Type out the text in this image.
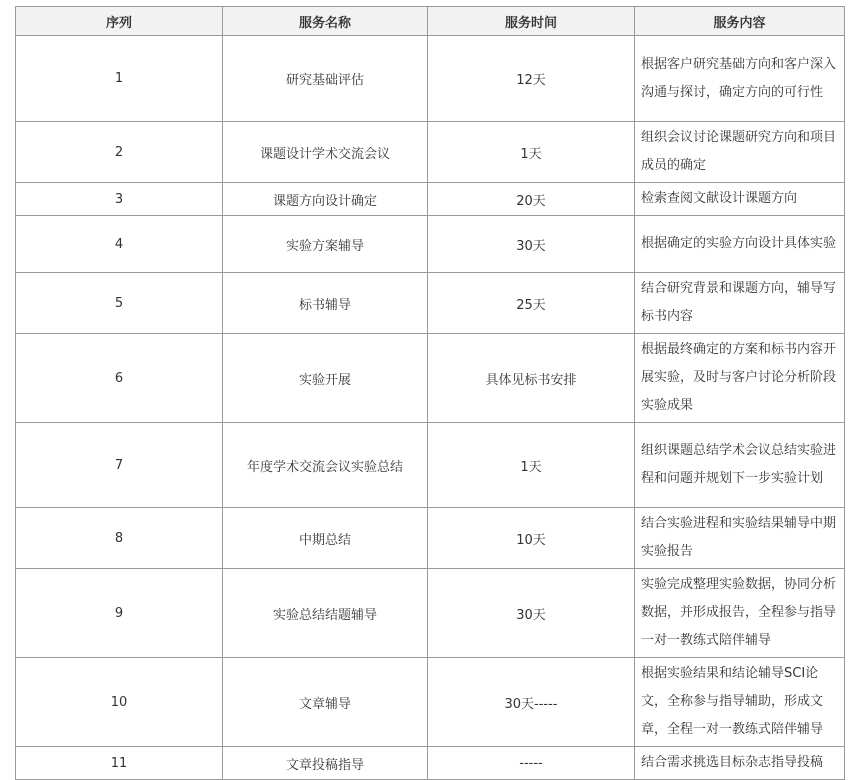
序列	服务名称	服务时间	服务内容
1	研究基础评估	12天	根据客户研究基础方向和客户深入沟通与探讨，确定方向的可行性
2	课题设计学术交流会议	1天	组织会议讨论课题研究方向和项目成员的确定
3	课题方向设计确定	20天	检索查阅文献设计课题方向
4	实验方案辅导	30天	根据确定的实验方向设计具体实验
5	标书辅导	25天	结合研究背景和课题方向，辅导写标书内容
6	实验开展	具体见标书安排	根据最终确定的方案和标书内容开展实验，及时与客户讨论分析阶段实验成果
7	年度学术交流会议实验总结	1天	组织课题总结学术会议总结实验进程和问题并规划下一步实验计划
8	中期总结	10天	结合实验进程和实验结果辅导中期实验报告
9	实验总结结题辅导	30天	实验完成整理实验数据，协同分析数据，并形成报告，全程参与指导一对一教练式陪伴辅导
10	文章辅导	30天-----	根据实验结果和结论辅导SCI论文，全称参与指导辅助，形成文章，全程一对一教练式陪伴辅导
11	文章投稿指导	-----	结合需求挑选目标杂志指导投稿
